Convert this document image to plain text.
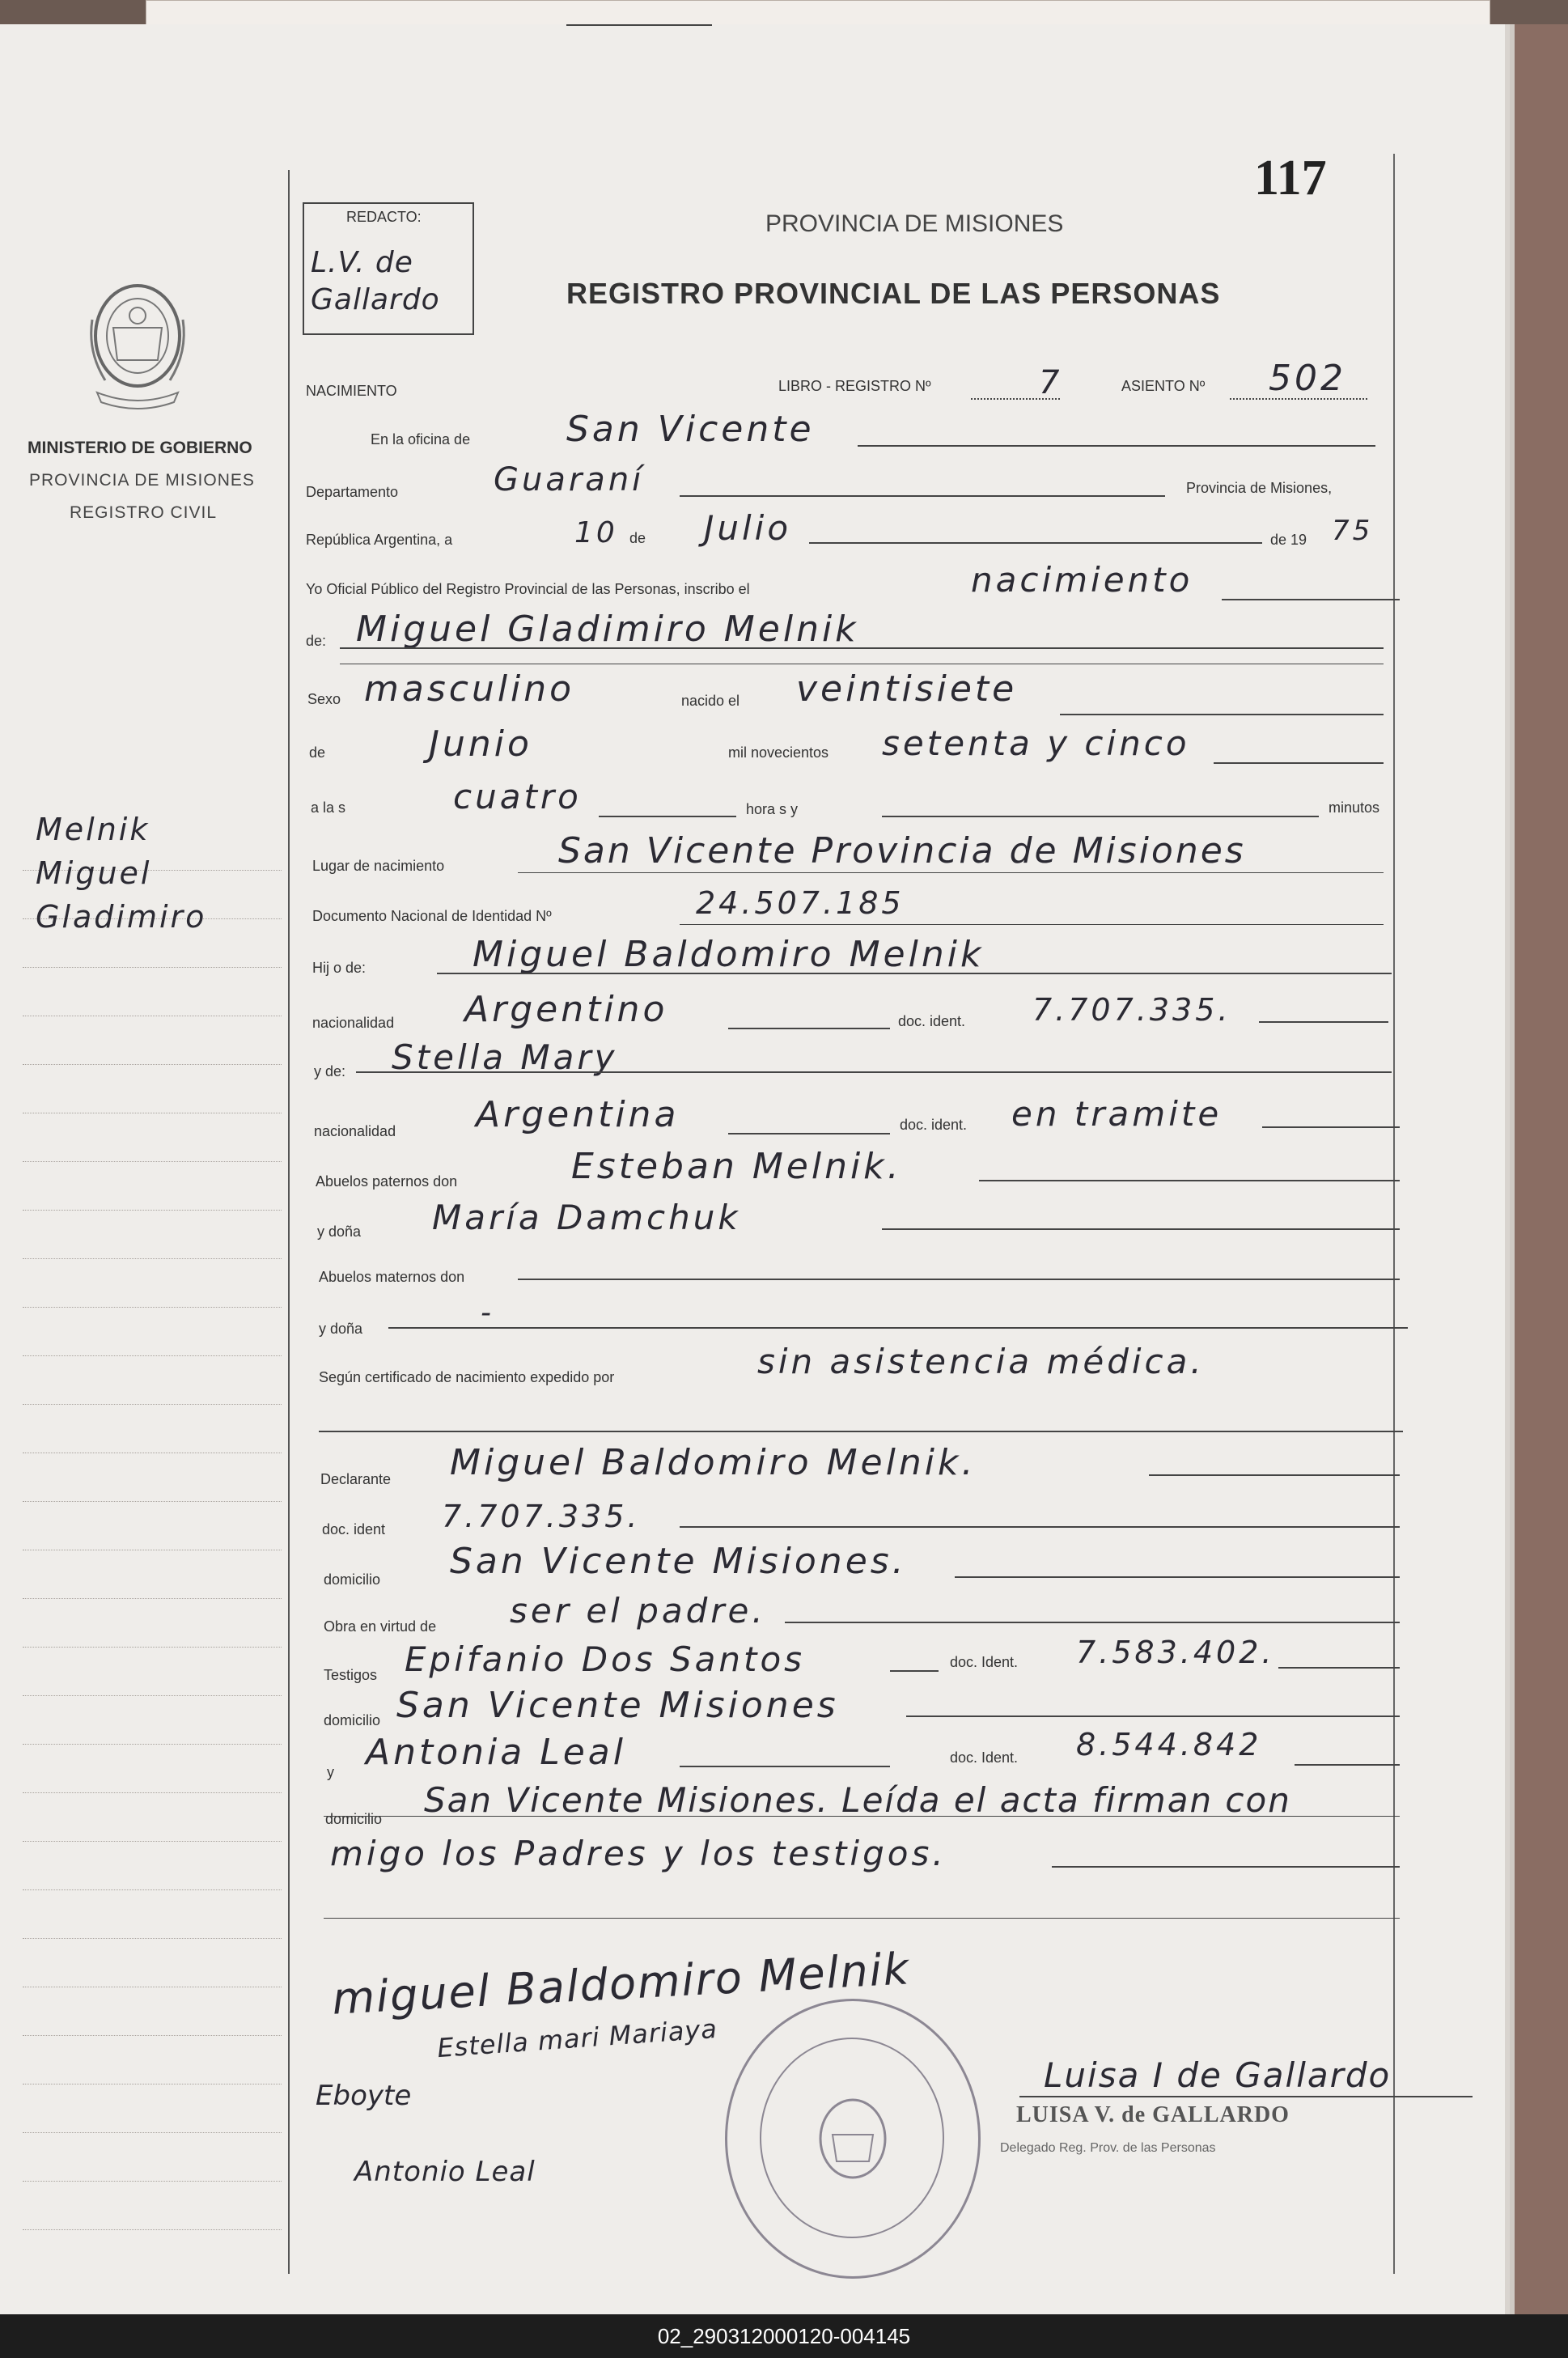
117
REDACTO:
L.V. de Gallardo
PROVINCIA DE MISIONES
REGISTRO PROVINCIAL DE LAS PERSONAS
MINISTERIO DE GOBIERNO
PROVINCIA DE MISIONES
REGISTRO CIVIL
Melnik
Miguel
Gladimiro
NACIMIENTO	LIBRO - REGISTRO Nº	7	ASIENTO Nº 502
En la oficina de	San Vicente
Departamento	Guaraní	Provincia de Misiones,
República Argentina, a	10 de Julio	de 19 75
Yo Oficial Público del Registro Provincial de las Personas, inscribo el	nacimiento
de: Miguel Gladimiro Melnik
Sexo masculino	nacido el veintisiete
de	Junio	mil novecientos setenta y cinco
a la s	cuatro	hora s y	minutos
Lugar de nacimiento	San Vicente Provincia de Misiones
Documento Nacional de Identidad Nº	24.507.185
Hij o de:	Miguel Baldomiro Melnik
nacionalidad Argentino	doc. ident. 7.707.335.
y de: Stella Mary
nacionalidad Argentina	doc. ident. en tramite
Abuelos paternos don	Esteban Melnik.
y doña María Damchuk
Abuelos maternos don
y doña	-
Según certificado de nacimiento expedido por	sin asistencia médica.
Declarante Miguel Baldomiro Melnik.
doc. ident 7.707.335.
domicilio San Vicente Misiones.
Obra en virtud de ser el padre.
Testigos Epifanio Dos Santos	doc. Ident. 7.583.402.
domicilio San Vicente Misiones
y Antonia Leal	doc. Ident. 8.544.842
domicilio San Vicente Misiones. Leída el acta firman con
migo los Padres y los testigos.
miguel Baldomiro Melnik
Estella mari Mariaya
Eboyte
Antonio Leal
Luisa I de Gallardo
LUISA V. de GALLARDO
Delegado Reg. Prov. de las Personas
02_290312000120-004145
